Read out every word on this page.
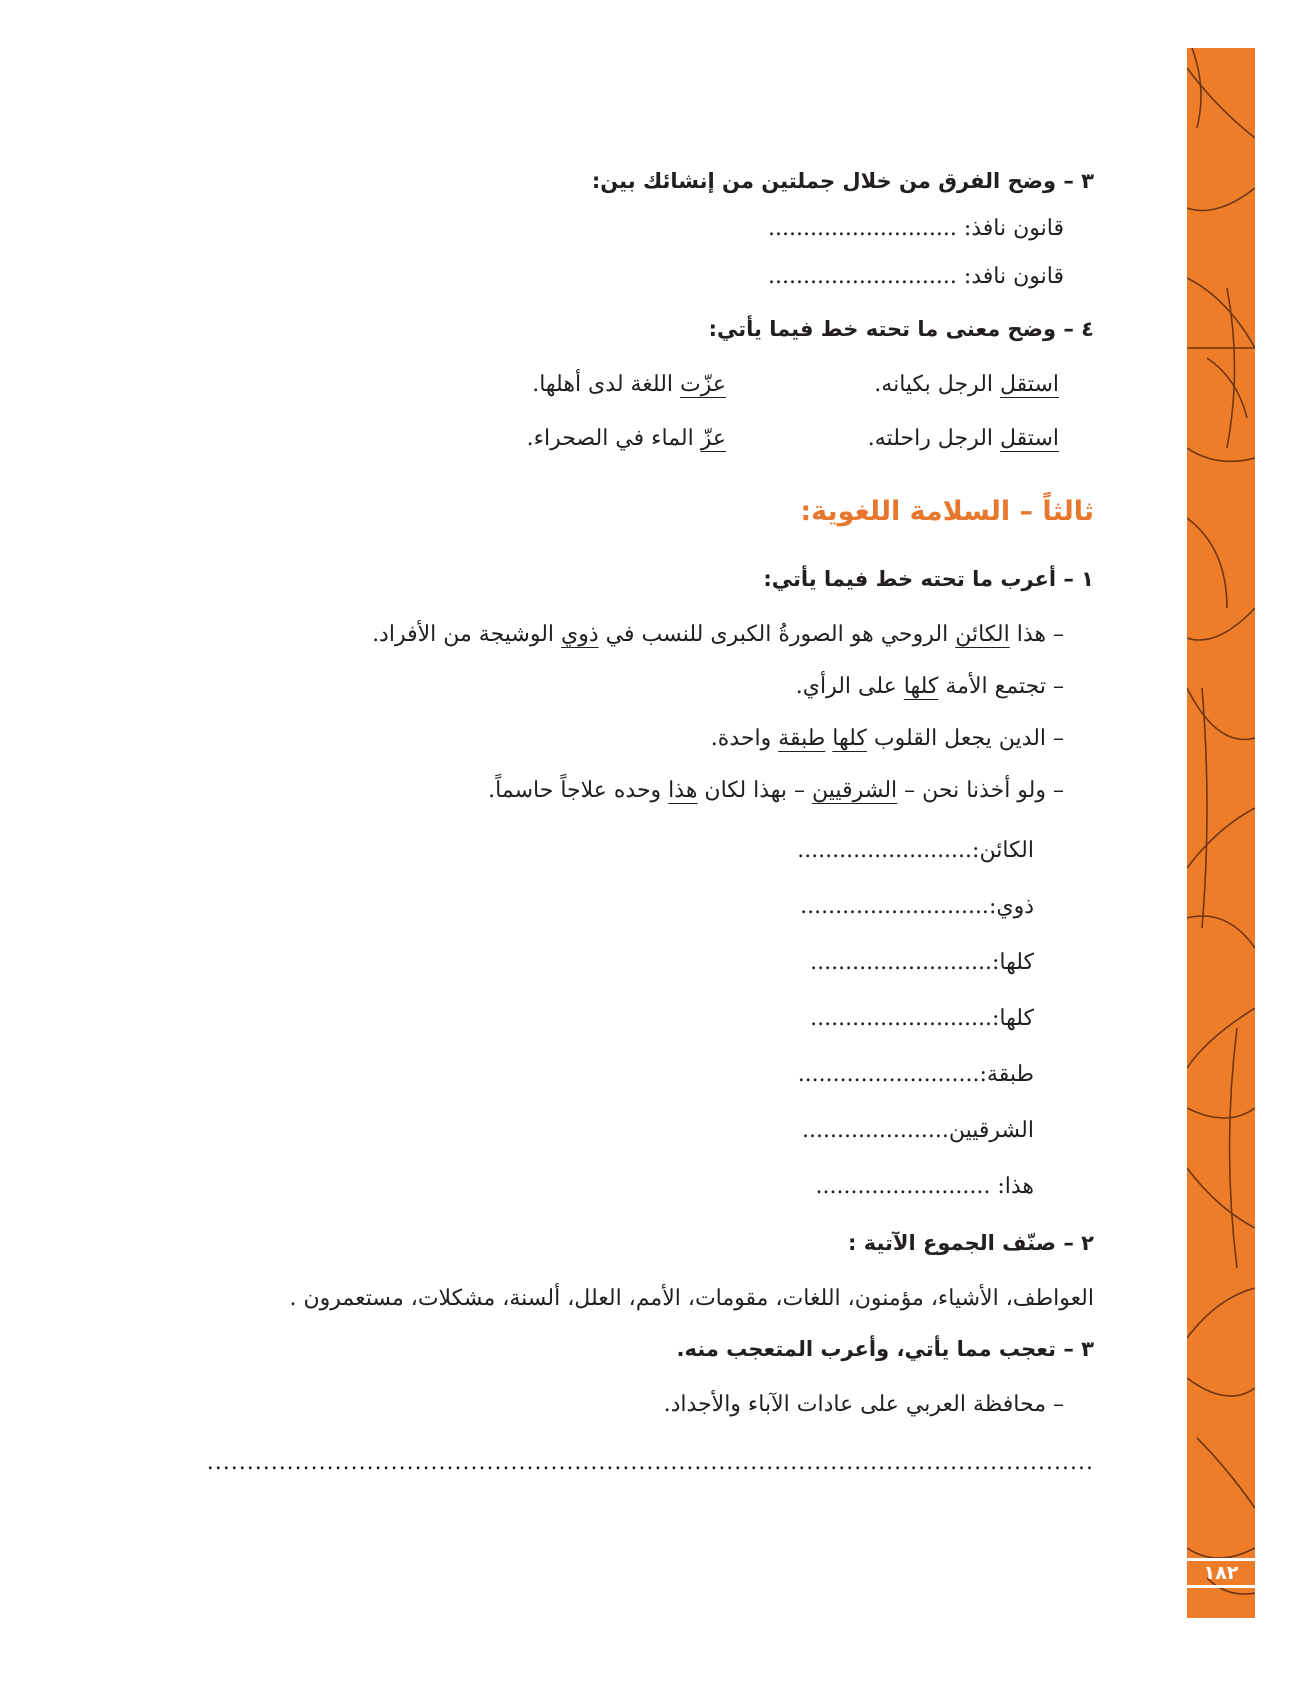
١٨٢
٣ – وضح الفرق من خلال جملتين من إنشائك بين:
قانون نافذ: ...........................
قانون نافد: ...........................
٤ – وضح معنى ما تحته خط فيما يأتي:
استقل الرجل بكيانه.
عزّت اللغة لدى أهلها.
استقل الرجل راحلته.
عزّ الماء في الصحراء.
ثالثاً – السلامة اللغوية:
١ – أعرب ما تحته خط فيما يأتي:
– هذا الكائن الروحي هو الصورةُ الكبرى للنسب في ذوي الوشيجة من الأفراد.
– تجتمع الأمة كلها على الرأي.
– الدين يجعل القلوب كلها طبقة واحدة.
– ولو أخذنا نحن – الشرقيين – بهذا لكان هذا وحده علاجاً حاسماً.
الكائن:.........................
ذوي:...........................
كلها:..........................
كلها:..........................
طبقة:..........................
الشرقيين.....................
هذا: .........................
٢ – صنّف الجموع الآتية :
العواطف، الأشياء، مؤمنون، اللغات، مقومات، الأمم، العلل، ألسنة، مشكلات، مستعمرون .
٣ – تعجب مما يأتي، وأعرب المتعجب منه.
– محافظة العربي على عادات الآباء والأجداد.
...............................................................................................................
